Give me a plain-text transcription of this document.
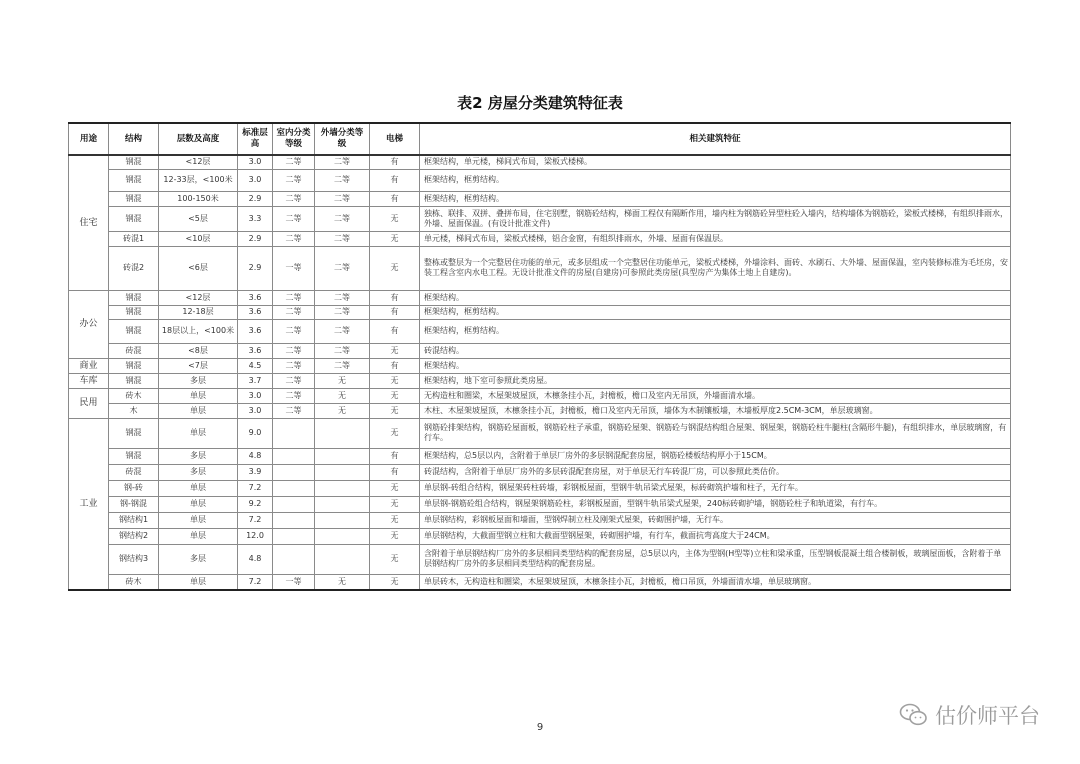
表2 房屋分类建筑特征表
用途	结构	层数及高度	标准层高	室内分类等级	外墙分类等级	电梯	相关建筑特征
住宅	钢混	<12层	3.0	二等	二等	有	框架结构，单元楼，梯间式布局，梁板式楼梯。
	钢混	12-33层，<100米	3.0	二等	二等	有	框架结构，框剪结构。
	钢混	100-150米	2.9	二等	二等	有	框架结构，框剪结构。
	钢混	<5层	3.3	二等	二等	无	独栋、联排、双拼、叠拼布局，住宅别墅，钢筋砼结构，梯面工程仅有隔断作用，墙内柱为钢筋砼异型柱砼入墙内，结构墙体为钢筋砼，梁板式楼梯，有组织排雨水，外墙、屋面保温。(有设计批准文件)
	砖混1	<10层	2.9	二等	二等	无	单元楼，梯间式布局，梁板式楼梯，铝合金窗，有组织排雨水，外墙、屋面有保温层。
	砖混2	<6层	2.9	一等	二等	无	整栋或整层为一个完整居住功能的单元，或多层组成一个完整居住功能单元，梁板式楼梯，外墙涂料、面砖、水刷石、大外墙、屋面保温，室内装修标准为毛坯房，安装工程含室内水电工程。无设计批准文件的房屋(自建房)可参照此类房屋(具型房产为集体土地上自建房)。
办公	钢混	<12层	3.6	二等	二等	有	框架结构。
	钢混	12-18层	3.6	二等	二等	有	框架结构，框剪结构。
	钢混	18层以上，<100米	3.6	二等	二等	有	框架结构，框剪结构。
	砖混	<8层	3.6	二等	二等	无	砖混结构。
商业	钢混	<7层	4.5	二等	二等	有	框架结构。
车库	钢混	多层	3.7	二等	无	无	框架结构，地下室可参照此类房屋。
民用	砖木	单层	3.0	二等	无	无	无构造柱和圈梁，木屋架坡屋顶，木檩条挂小瓦，封檐板，檐口及室内无吊顶，外墙面清水墙。
	木	单层	3.0	二等	无	无	木柱、木屋架坡屋顶，木檩条挂小瓦，封檐板，檐口及室内无吊顶，墙体为木制镶板墙，木墙板厚度2.5CM-3CM，单层玻璃窗。
工业	钢混	单层	9.0			无	钢筋砼排架结构，钢筋砼屋面板，钢筋砼柱子承重，钢筋砼屋架、钢筋砼与钢混结构组合屋架、钢屋架，钢筋砼柱牛腿柱(含隔形牛腿)，有组织排水，单层玻璃窗，有行车。
	钢混	多层	4.8			有	框架结构，总5层以内，含附着于单层厂房外的多层钢混配套房屋，钢筋砼楼板结构厚小于15CM。
	砖混	多层	3.9			有	砖混结构，含附着于单层厂房外的多层砖混配套房屋，对于单层无行车砖混厂房，可以参照此类估价。
	钢-砖	单层	7.2			无	单层钢-砖组合结构，钢屋架砖柱砖墙，彩钢板屋面，型钢牛轨吊梁式屋架，标砖砌筑护墙和柱子，无行车。
	钢-钢混	单层	9.2			无	单层钢-钢筋砼组合结构，钢屋架钢筋砼柱，彩钢板屋面，型钢牛轨吊梁式屋架，240标砖砌护墙，钢筋砼柱子和轨道梁，有行车。
	钢结构1	单层	7.2			无	单层钢结构，彩钢板屋面和墙面，型钢焊制立柱及刚架式屋架，砖砌围护墙，无行车。
	钢结构2	单层	12.0			无	单层钢结构，大截面型钢立柱和大截面型钢屋架，砖砌围护墙，有行车，截面抗弯高度大于24CM。
	钢结构3	多层	4.8			无	含附着于单层钢结构厂房外的多层相同类型结构的配套房屋，总5层以内，主体为型钢(H型等)立柱和梁承重，压型钢板混凝土组合楼制板，玻璃屋面板，含附着于单层钢结构厂房外的多层相同类型结构的配套房屋。
	砖木	单层	7.2	一等	无	无	单层砖木，无构造柱和圈梁，木屋架坡屋顶，木檩条挂小瓦，封檐板，檐口吊顶，外墙面清水墙，单层玻璃窗。
9	估价师平台
